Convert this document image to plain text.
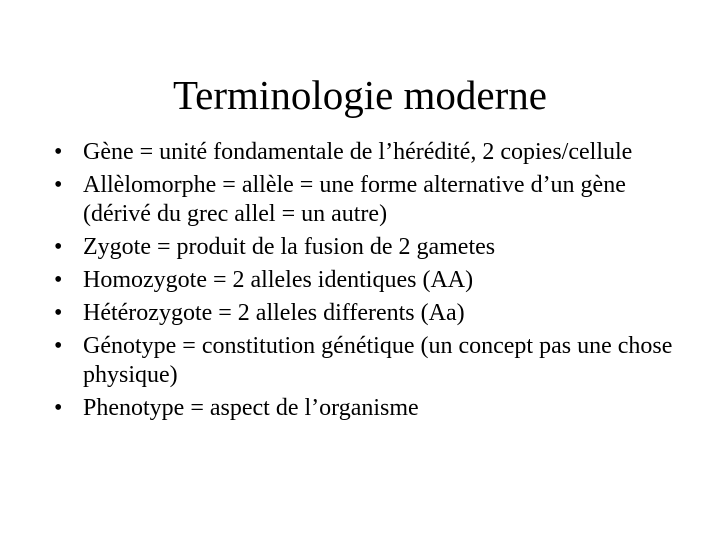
Terminologie moderne
• Gène = unité fondamentale de l’hérédité, 2 copies/cellule
• Allèlomorphe = allèle = une forme alternative d’un gène (dérivé du grec allel = un autre)
• Zygote = produit de la fusion de 2 gametes
• Homozygote = 2 alleles identiques (AA)
• Hétérozygote = 2 alleles differents (Aa)
• Génotype = constitution génétique (un concept pas une chose physique)
• Phenotype = aspect de l’organisme
